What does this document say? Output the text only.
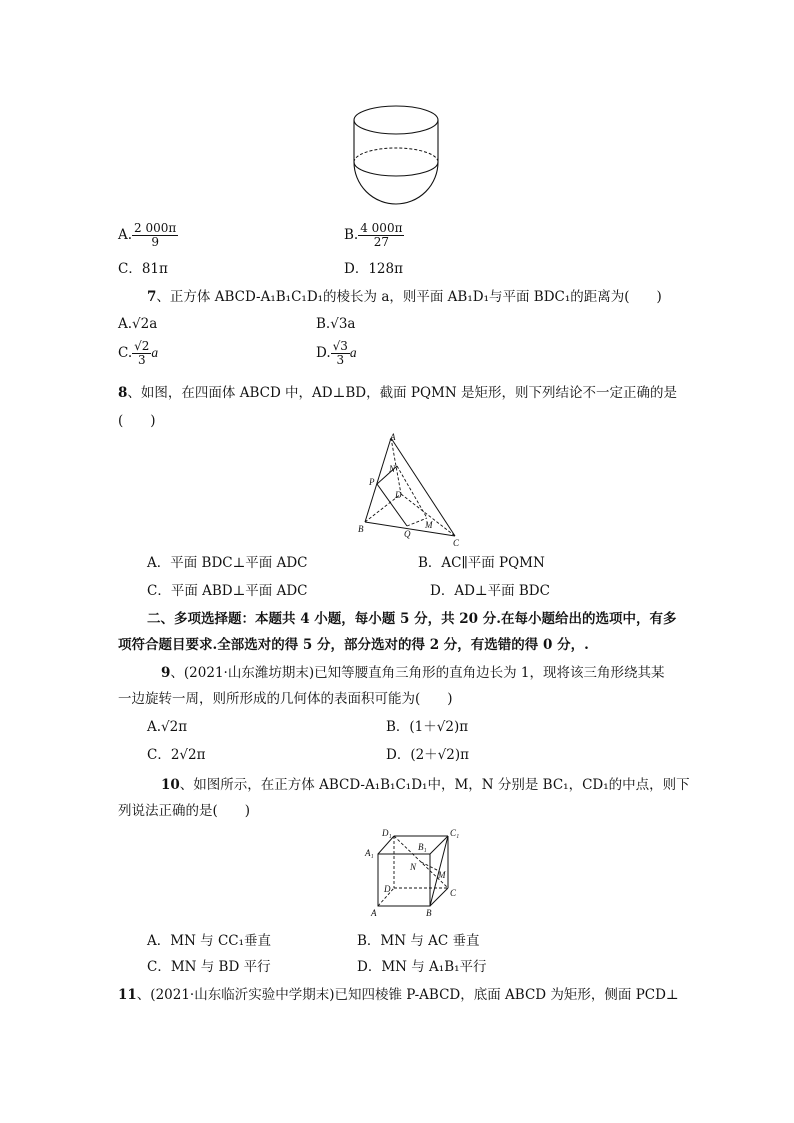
A. $\frac{2 000\pi}{9}$	B. $\frac{4 000\pi}{27}$
C．81π	D．128π
7、正方体 ABCD-A₁B₁C₁D₁的棱长为 a，则平面 AB₁D₁与平面 BDC₁的距离为(　　)
A.√2a	B.√3a
C. $\frac{√2}{3}$ a	D. $\frac{√3}{3}$ a
8、如图，在四面体 ABCD 中，AD⊥BD，截面 PQMN 是矩形，则下列结论不一定正确的是
(　　)
A
N
P
D
M
B	Q
C
A．平面 BDC⊥平面 ADC	B．AC∥平面 PQMN
C．平面 ABD⊥平面 ADC	D．AD⊥平面 BDC
二、多项选择题：本题共 4 小题，每小题 5 分，共 20 分.在每小题给出的选项中，有多
项符合题目要求.全部选对的得 5 分，部分选对的得 2 分，有选错的得 0 分，.
9、(2021·山东潍坊期末)已知等腰直角三角形的直角边长为 1，现将该三角形绕其某
一边旋转一周，则所形成的几何体的表面积可能为(　　)
A.√2π	B．(1＋√2)π
C．2√2π	D．(2＋√2)π
10、如图所示，在正方体 ABCD-A₁B₁C₁D₁中，M，N 分别是 BC₁，CD₁的中点，则下
列说法正确的是(　　)
D₁	C₁
A₁
B₁
N
M
D	C
A	B
A．MN 与 CC₁垂直	B．MN 与 AC 垂直
C．MN 与 BD 平行	D．MN 与 A₁B₁平行
11、(2021·山东临沂实验中学期末)已知四棱锥 P-ABCD，底面 ABCD 为矩形，侧面 PCD⊥
